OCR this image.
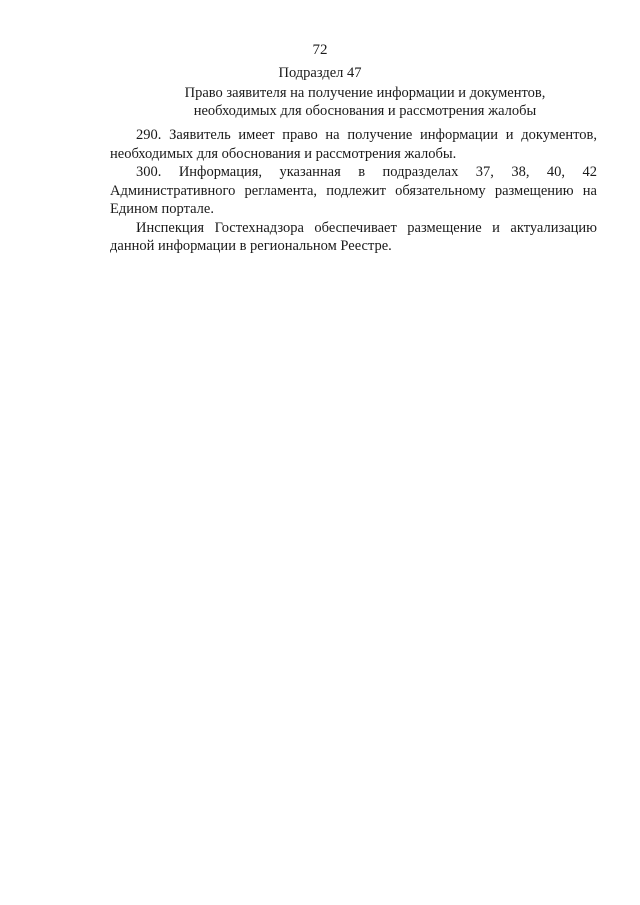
72
Подраздел 47
Право заявителя на получение информации и документов,
необходимых для обоснования и рассмотрения жалобы

290. Заявитель имеет право на получение информации и документов,
необходимых для обоснования и рассмотрения жалобы.

300. Информация, указанная в подразделах 37, 38, 40, 42
Административного регламента, подлежит обязательному размещению на
Едином портале.

Инспекция Гостехнадзора обеспечивает размещение и актуализацию
данной информации в региональном Реестре.
